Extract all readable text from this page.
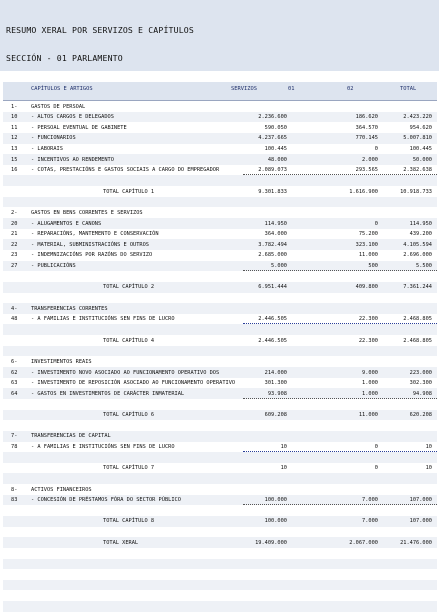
RESUMO XERAL POR SERVIZOS E CAPÍTULOS
SECCIÓN - 01 PARLAMENTO
CAPÍTULOS E ARTIGOS	SERVIZOS	01	02	TOTAL
1-	GASTOS DE PERSOAL
10	- ALTOS CARGOS E DELEGADOS	2.236.600	186.620	2.423.220
11	- PERSOAL EVENTUAL DE GABINETE	590.050	364.570	954.620
12	- FUNCIONARIOS	4.237.665	770.145	5.007.810
13	- LABORAIS	100.445	0	100.445
15	- INCENTIVOS AO RENDEMENTO	48.000	2.000	50.000
16	- COTAS, PRESTACIÓNS E GASTOS SOCIAIS A CARGO DO EMPREGADOR	2.089.073	293.565	2.382.638
TOTAL CAPÍTULO 1	9.301.833	1.616.900	10.918.733
2-	GASTOS EN BENS CORRENTES E SERVIZOS
20	- ALUGAMENTOS E CANONS	114.950	0	114.950
21	- REPARACIÓNS, MANTEMENTO E CONSERVACIÓN	364.000	75.200	439.200
22	- MATERIAL, SUBMINISTRACIÓNS E OUTROS	3.782.494	323.100	4.105.594
23	- INDEMNIZACIÓNS POR RAZÓNS DO SERVIZO	2.685.000	11.000	2.696.000
27	- PUBLICACIÓNS	5.000	500	5.500
TOTAL CAPÍTULO 2	6.951.444	409.800	7.361.244
4-	TRANSFERENCIAS CORRENTES
48	- A FAMILIAS E INSTITUCIÓNS SEN FINS DE LUCRO	2.446.505	22.300	2.468.805
TOTAL CAPÍTULO 4	2.446.505	22.300	2.468.805
6-	INVESTIMENTOS REAIS
62	- INVESTIMENTO NOVO ASOCIADO AO FUNCIONAMENTO OPERATIVO DOS	214.000	9.000	223.000
63	- INVESTIMENTO DE REPOSICIÓN ASOCIADO AO FUNCIONAMENTO OPERATIVO	301.300	1.000	302.300
64	- GASTOS EN INVESTIMENTOS DE CARÁCTER INMATERIAL	93.908	1.000	94.908
TOTAL CAPÍTULO 6	609.208	11.000	620.208
7-	TRANSFERENCIAS DE CAPITAL
78	- A FAMILIAS E INSTITUCIÓNS SEN FINS DE LUCRO	10	0	10
TOTAL CAPÍTULO 7	10	0	10
8-	ACTIVOS FINANCEIROS
83	- CONCESIÓN DE PRÉSTAMOS FÓRA DO SECTOR PÚBLICO	100.000	7.000	107.000
TOTAL CAPÍTULO 8	100.000	7.000	107.000
TOTAL XERAL	19.409.000	2.067.000	21.476.000
